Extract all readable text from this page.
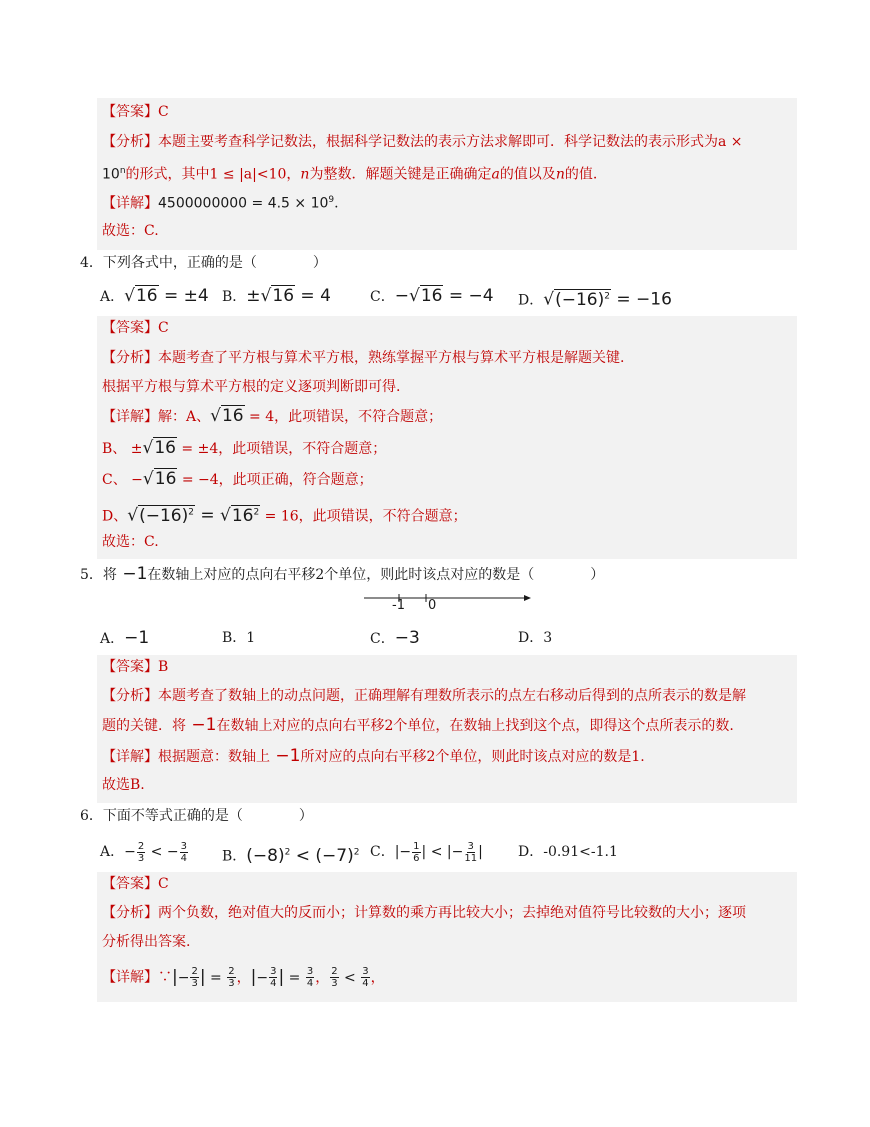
【答案】C
【分析】本题主要考查科学记数法，根据科学记数法的表示方法求解即可．科学记数法的表示形式为a ×
$10^n$的形式，其中1 ≤ |a|<10，n为整数．解题关键是正确确定a的值以及n的值.
【详解】$4500000000 = 4.5 \times 10^9$.
故选：C.
4．下列各式中，正确的是（　　　　）
A．√16 = ±4 B．±√16 = 4	C．−√16 = −4 D．$√(-16)^2 = -16$
【答案】C
【分析】本题考查了平方根与算术平方根，熟练掌握平方根与算术平方根是解题关键.
根据平方根与算术平方根的定义逐项判断即可得.
【详解】解：A、√16 = 4，此项错误，不符合题意；
B、 ±√16 = ±4，此项错误，不符合题意；
C、 −√16 = −4，此项正确，符合题意；
D、$√(-16)^2 = √16^2 = 16$，此项错误，不符合题意；
故选：C.
5．将 −1在数轴上对应的点向右平移2个单位，则此时该点对应的数是（　　　　）
-1 0
A．−1	B．1	C．−3	D．3
【答案】B
【分析】本题考查了数轴上的动点问题，正确理解有理数所表示的点左右移动后得到的点所表示的数是解
题的关键．将 −1在数轴上对应的点向右平移2个单位，在数轴上找到这个点，即得这个点所表示的数.
【详解】根据题意：数轴上 −1所对应的点向右平移2个单位，则此时该点对应的数是1.
故选B.
6．下面不等式正确的是（　　　　）
A．− $\frac{2}{3}$ < − $\frac{3}{4}$ B．$(-8)^2 < (-7)^2$ C．|− $\frac{1}{6}$ | < |− $\frac{3}{11}$ |	D．-0.91<-1.1
【答案】C
【分析】两个负数，绝对值大的反而小；计算数的乘方再比较大小；去掉绝对值符号比较数的大小；逐项
分析得出答案.
【详解】∵|− $\frac{2}{3}$ | = $\frac{2}{3}$ ，|− $\frac{3}{4}$ | = $\frac{3}{4}$ ， $\frac{2}{3} < \frac{3}{4}$ ，
